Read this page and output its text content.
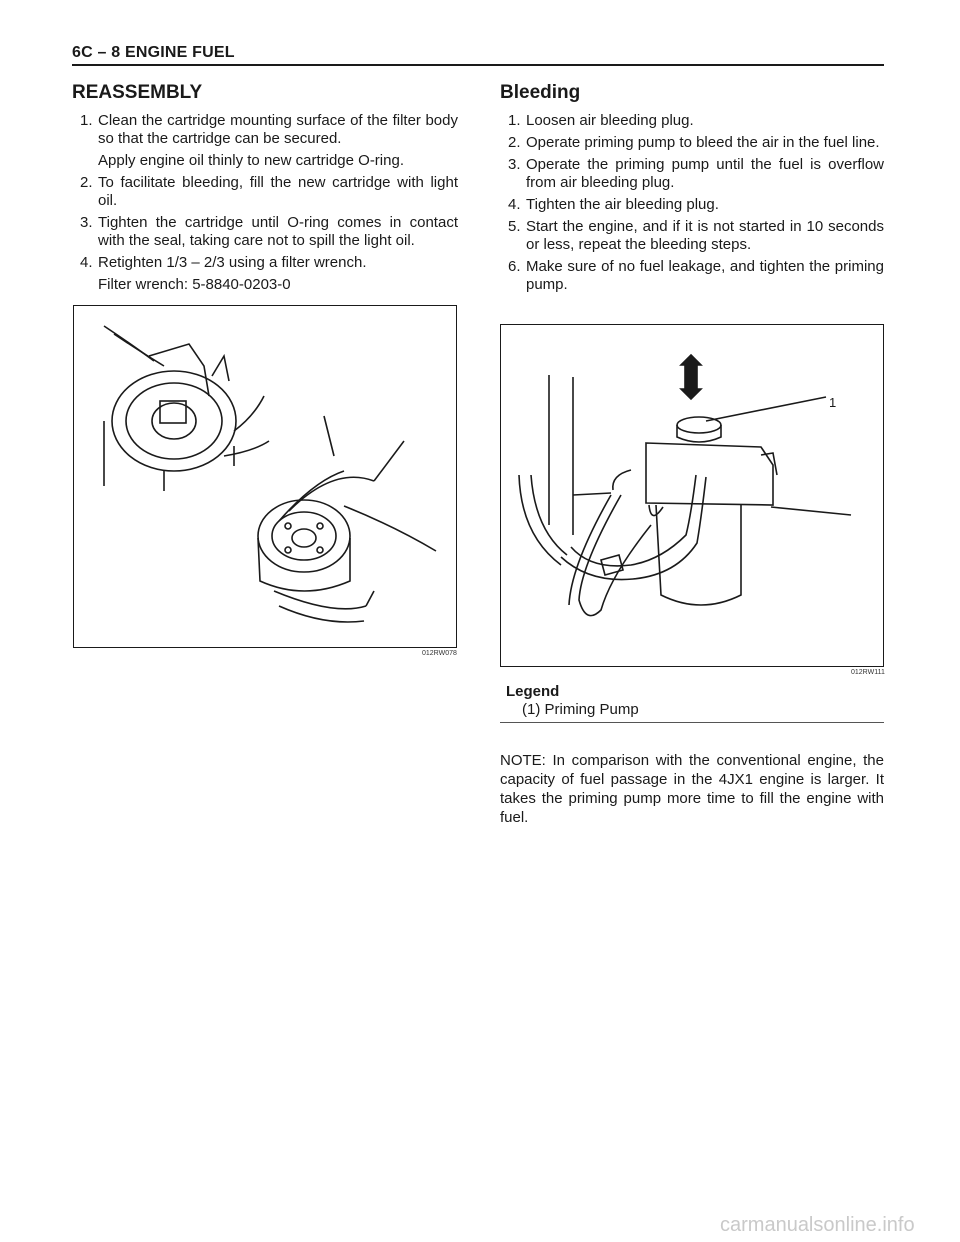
6C – 8 ENGINE FUEL
REASSEMBLY
1. Clean the cartridge mounting surface of the filter body so that the cartridge can be secured.
Apply engine oil thinly to new cartridge O-ring.
2. To facilitate bleeding, fill the new cartridge with light oil.
3. Tighten the cartridge until O-ring comes in contact with the seal, taking care not to spill the light oil.
4. Retighten 1/3 – 2/3 using a filter wrench.
Filter wrench: 5-8840-0203-0
012RW078
Bleeding
1. Loosen air bleeding plug.
2. Operate priming pump to bleed the air in the fuel line.
3. Operate the priming pump until the fuel is overflow from air bleeding plug.
4. Tighten the air bleeding plug.
5. Start the engine, and if it is not started in 10 seconds or less, repeat the bleeding steps.
6. Make sure of no fuel leakage, and tighten the priming pump.
1
012RW111
Legend
(1) Priming Pump
NOTE: In comparison with the conventional engine, the capacity of fuel passage in the 4JX1 engine is larger. It takes the priming pump more time to fill the engine with fuel.
carmanualsonline.info
